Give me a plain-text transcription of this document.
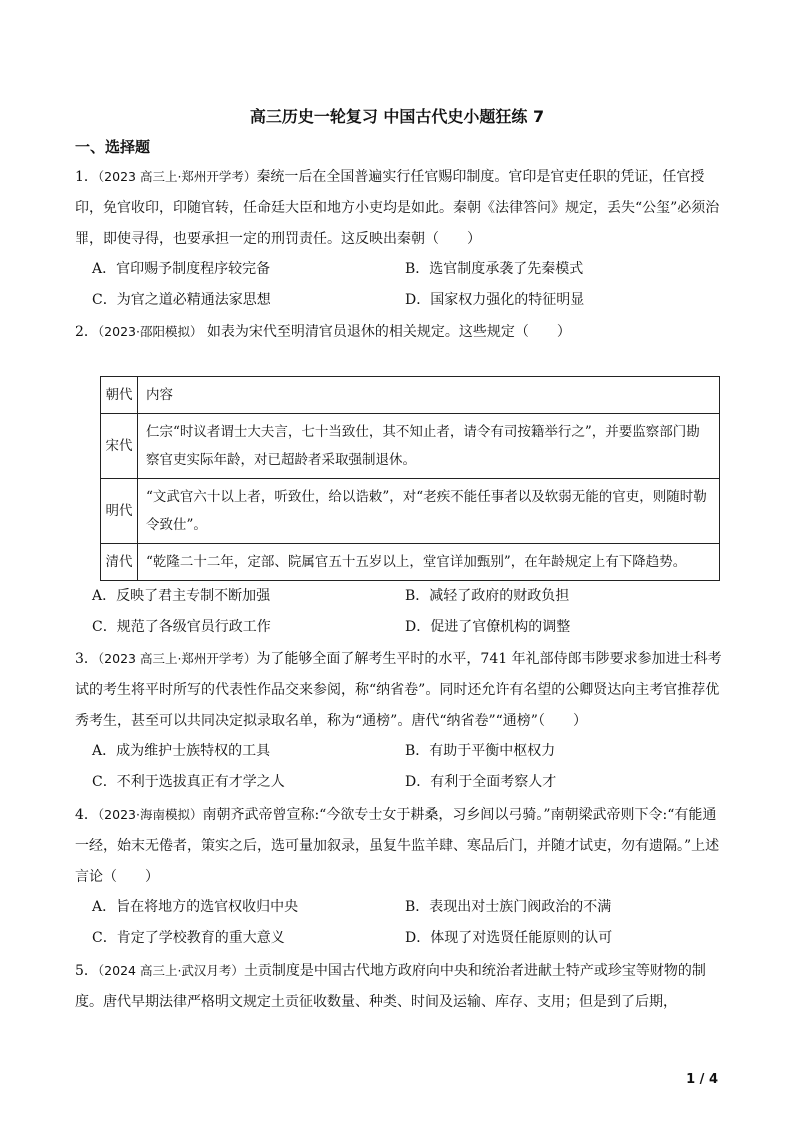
高三历史一轮复习 中国古代史小题狂练 7
一、选择题
1．（2023 高三上·郑州开学考）秦统一后在全国普遍实行任官赐印制度。官印是官吏任职的凭证，任官授印，免官收印，印随官转，任命廷大臣和地方小吏均是如此。秦朝《法律答问》规定，丢失“公玺”必须治罪，即使寻得，也要承担一定的刑罚责任。这反映出秦朝（　　）
A．官印赐予制度程序较完备	B．选官制度承袭了先秦模式
C．为官之道必精通法家思想	D．国家权力强化的特征明显
2．（2023·邵阳模拟） 如表为宋代至明清官员退休的相关规定。这些规定（　　）
朝代	内容
宋代	仁宗“时议者谓士大夫言，七十当致仕，其不知止者，请令有司按籍举行之”，并要监察部门勘察官吏实际年龄，对已超龄者采取强制退休。
明代	“文武官六十以上者，听致仕，给以诰敕”，对“老疾不能任事者以及软弱无能的官吏，则随时勒令致仕”。
清代	“乾隆二十二年，定部、院属官五十五岁以上，堂官详加甄别”，在年龄规定上有下降趋势。
A．反映了君主专制不断加强	B．减轻了政府的财政负担
C．规范了各级官员行政工作	D．促进了官僚机构的调整
3．（2023 高三上·郑州开学考）为了能够全面了解考生平时的水平，741 年礼部侍郎韦陟要求参加进士科考试的考生将平时所写的代表性作品交来参阅，称“纳省卷”。同时还允许有名望的公卿贤达向主考官推荐优秀考生，甚至可以共同决定拟录取名单，称为“通榜”。唐代“纳省卷”“通榜”（　　）
A．成为维护士族特权的工具	B．有助于平衡中枢权力
C．不利于选拔真正有才学之人	D．有利于全面考察人才
4．（2023·海南模拟）南朝齐武帝曾宣称:“今欲专士女于耕桑，习乡闾以弓骑。”南朝梁武帝则下令:“有能通一经，始末无倦者，策实之后，选可量加叙录，虽复牛监羊肆、寒品后门，并随才试吏，勿有遗隔。”上述言论（　　）
A．旨在将地方的选官权收归中央	B．表现出对士族门阀政治的不满
C．肯定了学校教育的重大意义	D．体现了对选贤任能原则的认可
5．（2024 高三上·武汉月考）土贡制度是中国古代地方政府向中央和统治者进献土特产或珍宝等财物的制度。唐代早期法律严格明文规定土贡征收数量、种类、时间及运输、库存、支用；但是到了后期，
1 / 4
